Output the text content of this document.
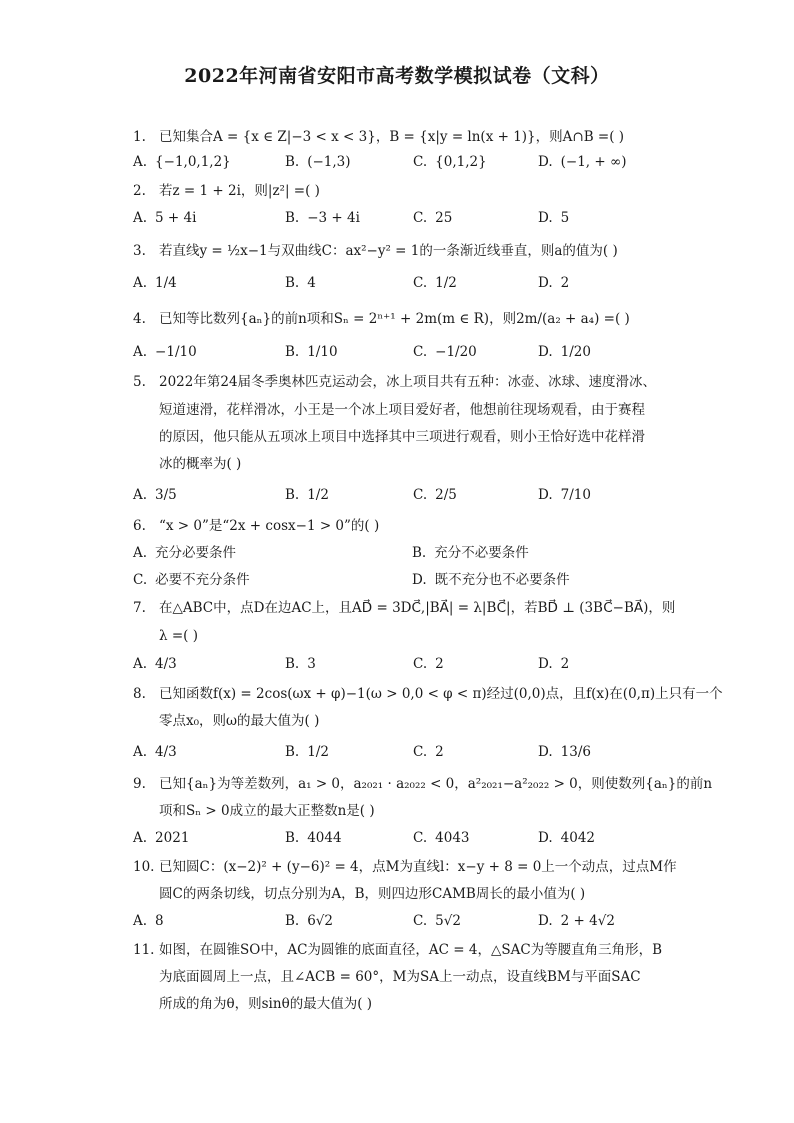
2022年河南省安阳市高考数学模拟试卷（文科）
1. 已知集合A = {x ∈ Z|−3 < x < 3}，B = {x|y = ln(x + 1)}，则A∩B =( )
A. {−1,0,1,2}	B. (−1,3)	C. {0,1,2}	D. (−1, + ∞)
2. 若z = 1 + 2i，则|z²| =( )
A. 5 + 4i	B. −3 + 4i	C. 25	D. 5
3. 若直线y = ½x−1与双曲线C：ax²−y² = 1的一条渐近线垂直，则a的值为( )
A. 1/4	B. 4	C. 1/2	D. 2
4. 已知等比数列{aₙ}的前n项和Sₙ = 2ⁿ⁺¹ + 2m(m ∈ R)，则2m/(a₂ + a₄) =( )
A. −1/10	B. 1/10	C. −1/20	D. 1/20
5. 2022年第24届冬季奥林匹克运动会，冰上项目共有五种：冰壶、冰球、速度滑冰、
短道速滑，花样滑冰，小王是一个冰上项目爱好者，他想前往现场观看，由于赛程
的原因，他只能从五项冰上项目中选择其中三项进行观看，则小王恰好选中花样滑
冰的概率为( )
A. 3/5	B. 1/2	C. 2/5	D. 7/10
6. “x > 0”是“2x + cosx−1 > 0”的( )
A. 充分必要条件	B. 充分不必要条件
C. 必要不充分条件	D. 既不充分也不必要条件
7. 在△ABC中，点D在边AC上，且AD⃗ = 3DC⃗,|BA⃗| = λ|BC⃗|，若BD⃗ ⊥ (3BC⃗−BA⃗)，则
λ =( )
A. 4/3	B. 3	C. 2	D. 2
8. 已知函数f(x) = 2cos(ωx + φ)−1(ω > 0,0 < φ < π)经过(0,0)点，且f(x)在(0,π)上只有一个
零点x₀，则ω的最大值为( )
A. 4/3	B. 1/2	C. 2	D. 13/6
9. 已知{aₙ}为等差数列，a₁ > 0，a₂₀₂₁ · a₂₀₂₂ < 0，a²₂₀₂₁−a²₂₀₂₂ > 0，则使数列{aₙ}的前n
项和Sₙ > 0成立的最大正整数n是( )
A. 2021	B. 4044	C. 4043	D. 4042
10. 已知圆C：(x−2)² + (y−6)² = 4，点M为直线l：x−y + 8 = 0上一个动点，过点M作
圆C的两条切线，切点分别为A，B，则四边形CAMB周长的最小值为( )
A. 8	B. 6√2	C. 5√2	D. 2 + 4√2
11. 如图，在圆锥SO中，AC为圆锥的底面直径，AC = 4，△SAC为等腰直角三角形，B
为底面圆周上一点，且∠ACB = 60°，M为SA上一动点，设直线BM与平面SAC
所成的角为θ，则sinθ的最大值为( )
